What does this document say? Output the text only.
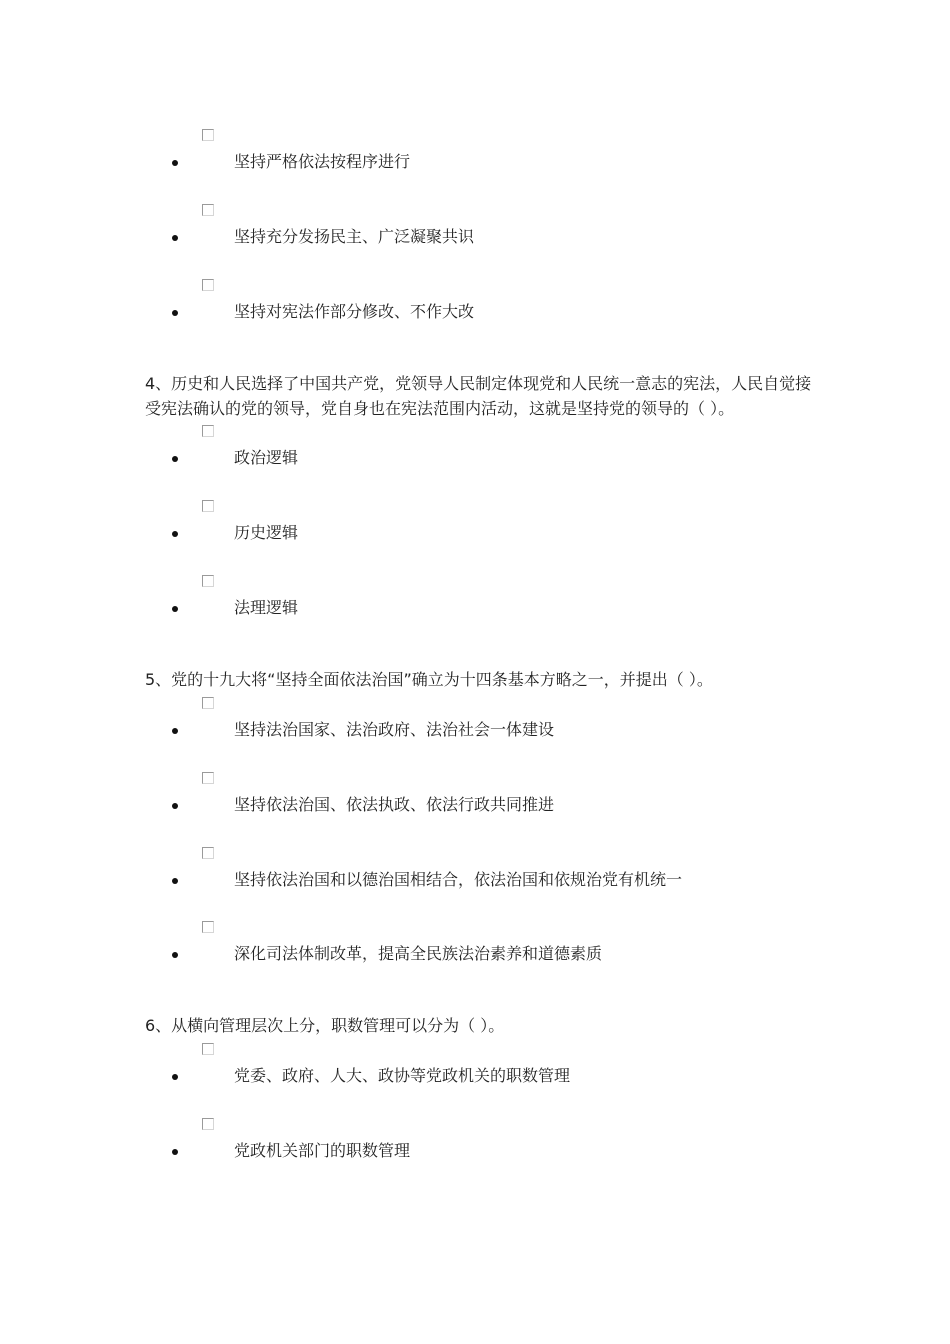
坚持严格依法按程序进行
坚持充分发扬民主、广泛凝聚共识
坚持对宪法作部分修改、不作大改
4、历史和人民选择了中国共产党，党领导人民制定体现党和人民统一意志的宪法，人民自觉接受宪法确认的党的领导，党自身也在宪法范围内活动，这就是坚持党的领导的（ ）。
政治逻辑
历史逻辑
法理逻辑
5、党的十九大将“坚持全面依法治国”确立为十四条基本方略之一，并提出（ ）。
坚持法治国家、法治政府、法治社会一体建设
坚持依法治国、依法执政、依法行政共同推进
坚持依法治国和以德治国相结合，依法治国和依规治党有机统一
深化司法体制改革，提高全民族法治素养和道德素质
6、从横向管理层次上分，职数管理可以分为（ ）。
党委、政府、人大、政协等党政机关的职数管理
党政机关部门的职数管理
